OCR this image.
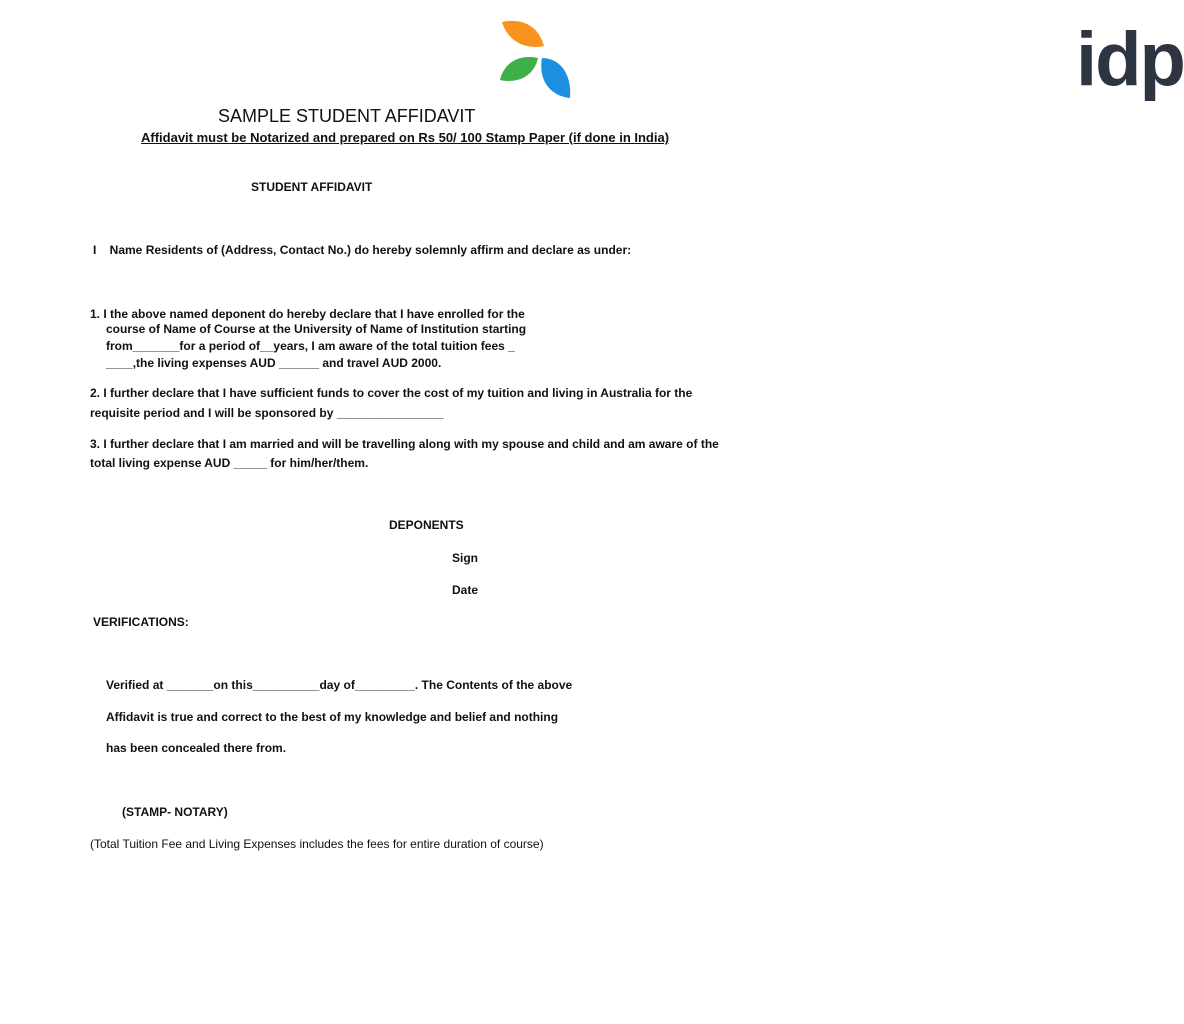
idp

SAMPLE STUDENT AFFIDAVIT

Affidavit must be Notarized and prepared on Rs 50/ 100 Stamp Paper (if done in India)

STUDENT AFFIDAVIT

I    Name Residents of (Address, Contact No.) do hereby solemnly affirm and declare as under:

1. I the above named deponent do hereby declare that I have enrolled for the

course of Name of Course at the University of Name of Institution starting

from_______for a period of__years, I am aware of the total tuition fees _

____,the living expenses AUD ______ and travel AUD 2000.

2. I further declare that I have sufficient funds to cover the cost of my tuition and living in Australia for the

requisite period and I will be sponsored by ________________

3. I further declare that I am married and will be travelling along with my spouse and child and am aware of the

total living expense AUD _____ for him/her/them.

DEPONENTS

Sign

Date

VERIFICATIONS:

Verified at _______on this__________day of_________. The Contents of the above

Affidavit is true and correct to the best of my knowledge and belief and nothing

has been concealed there from.

(STAMP- NOTARY)

(Total Tuition Fee and Living Expenses includes the fees for entire duration of course)
